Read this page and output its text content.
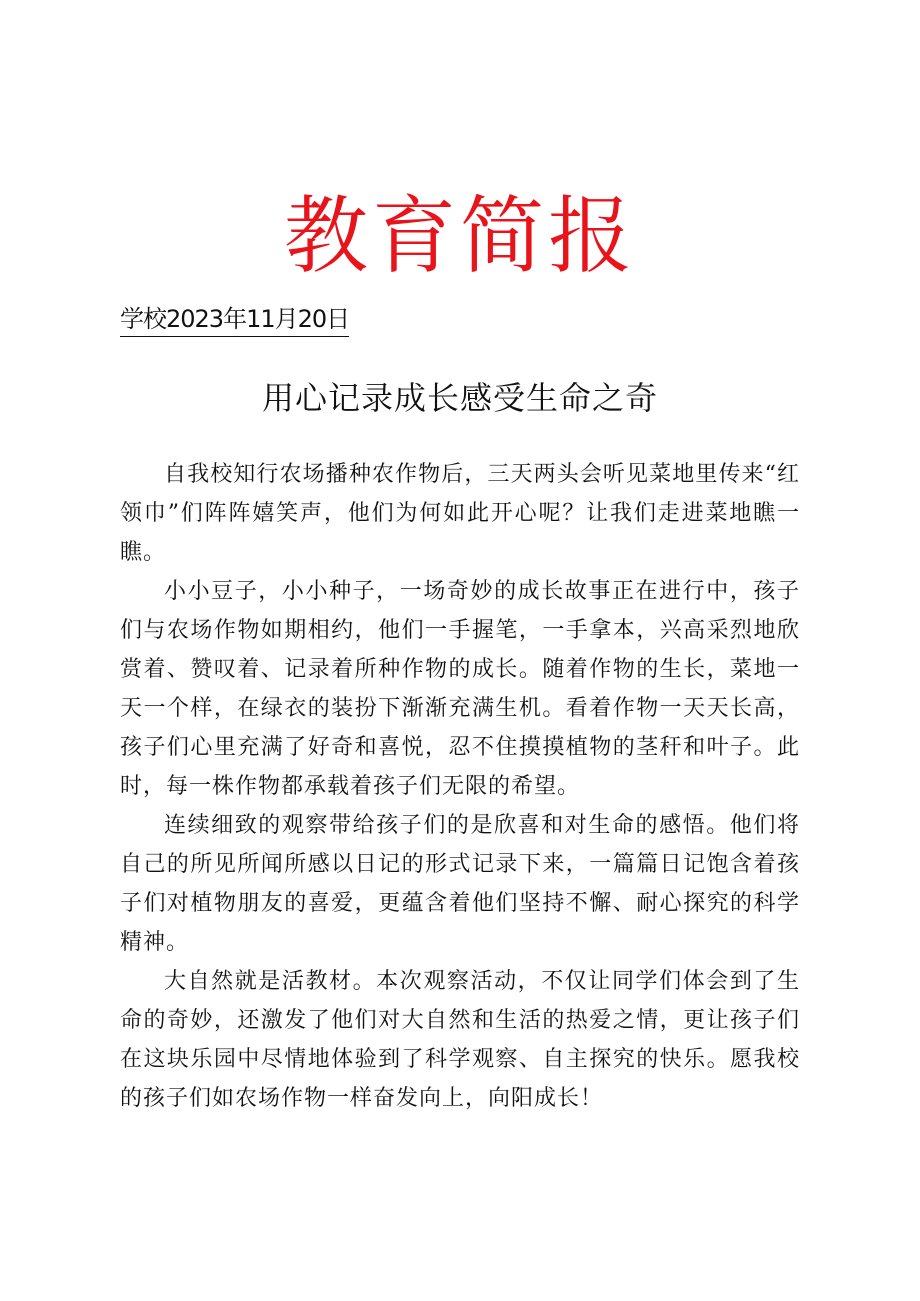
教育简报
学校2023年11月20日
用心记录成长感受生命之奇

自我校知行农场播种农作物后，三天两头会听见菜地里传来“红领巾”们阵阵嬉笑声，他们为何如此开心呢？让我们走进菜地瞧一瞧。

小小豆子，小小种子，一场奇妙的成长故事正在进行中，孩子们与农场作物如期相约，他们一手握笔，一手拿本，兴高采烈地欣赏着、赞叹着、记录着所种作物的成长。随着作物的生长，菜地一天一个样，在绿衣的装扮下渐渐充满生机。看着作物一天天长高，孩子们心里充满了好奇和喜悦，忍不住摸摸植物的茎秆和叶子。此时，每一株作物都承载着孩子们无限的希望。

连续细致的观察带给孩子们的是欣喜和对生命的感悟。他们将自己的所见所闻所感以日记的形式记录下来，一篇篇日记饱含着孩子们对植物朋友的喜爱，更蕴含着他们坚持不懈、耐心探究的科学精神。

大自然就是活教材。本次观察活动，不仅让同学们体会到了生命的奇妙，还激发了他们对大自然和生活的热爱之情，更让孩子们在这块乐园中尽情地体验到了科学观察、自主探究的快乐。愿我校的孩子们如农场作物一样奋发向上，向阳成长！
